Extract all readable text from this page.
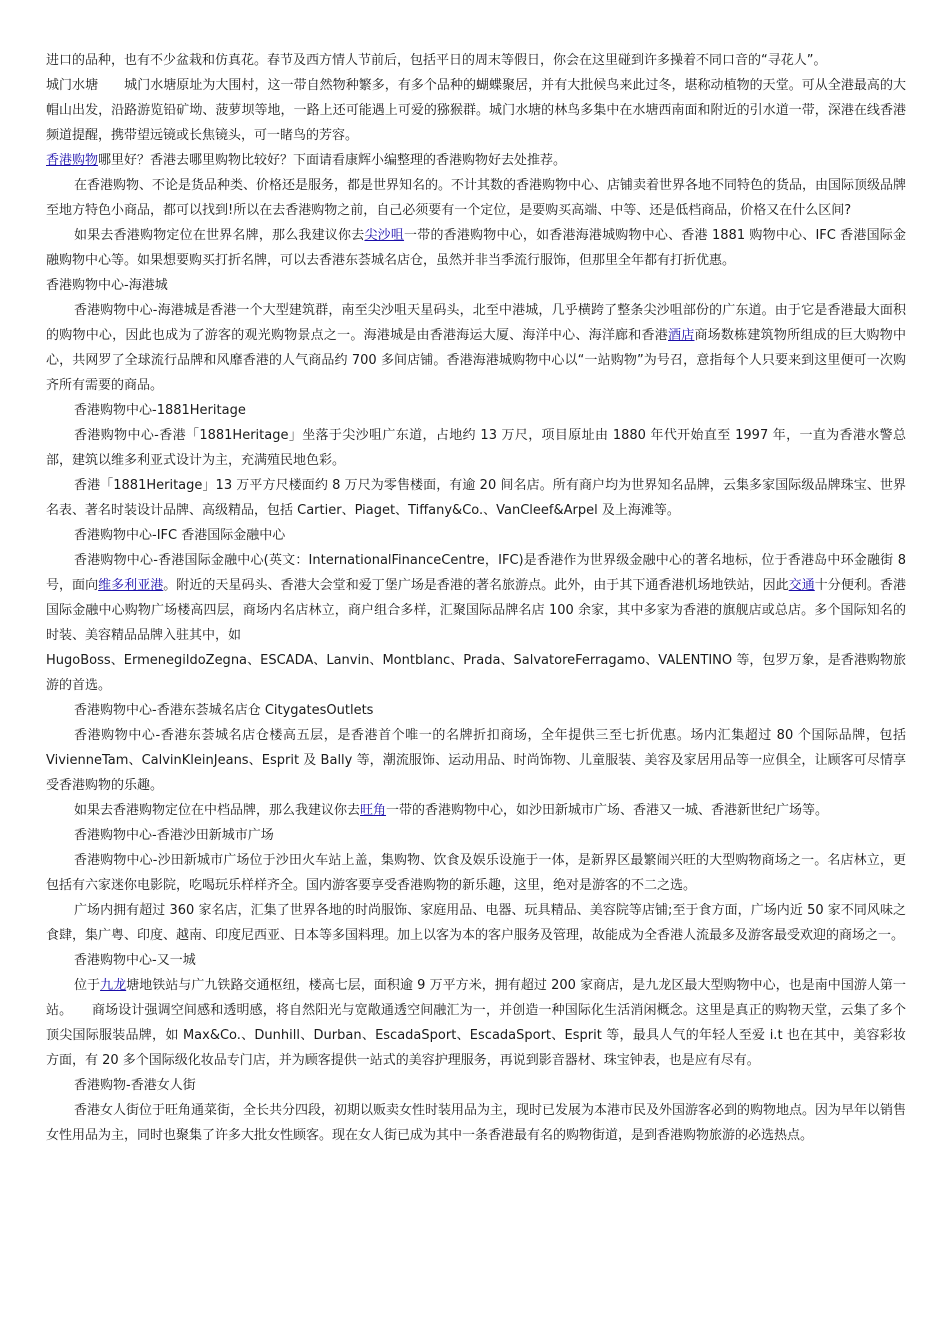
进口的品种，也有不少盆栽和仿真花。春节及西方情人节前后，包括平日的周末等假日，你会在这里碰到许多操着不同口音的“寻花人”。

城门水塘　　城门水塘原址为大围村，这一带自然物种繁多，有多个品种的蝴蝶聚居，并有大批候鸟来此过冬，堪称动植物的天堂。可从全港最高的大帽山出发，沿路游览铅矿坳、菠萝坝等地，一路上还可能遇上可爱的猕猴群。城门水塘的林鸟多集中在水塘西南面和附近的引水道一带，深港在线香港频道提醒，携带望远镜或长焦镜头，可一睹鸟的芳容。

香港购物哪里好？香港去哪里购物比较好？下面请看康辉小编整理的香港购物好去处推荐。

在香港购物、不论是货品种类、价格还是服务，都是世界知名的。不计其数的香港购物中心、店铺卖着世界各地不同特色的货品，由国际顶级品牌至地方特色小商品，都可以找到!所以在去香港购物之前，自己必须要有一个定位，是要购买高端、中等、还是低档商品，价格又在什么区间?

如果去香港购物定位在世界名牌，那么我建议你去尖沙咀一带的香港购物中心，如香港海港城购物中心、香港 1881 购物中心、IFC 香港国际金融购物中心等。如果想要购买打折名牌，可以去香港东荟城名店仓，虽然并非当季流行服饰，但那里全年都有打折优惠。

香港购物中心-海港城

香港购物中心-海港城是香港一个大型建筑群，南至尖沙咀天星码头，北至中港城，几乎横跨了整条尖沙咀部份的广东道。由于它是香港最大面积的购物中心，因此也成为了游客的观光购物景点之一。海港城是由香港海运大厦、海洋中心、海洋廊和香港酒店商场数栋建筑物所组成的巨大购物中心，共网罗了全球流行品牌和风靡香港的人气商品约 700 多间店铺。香港海港城购物中心以“一站购物”为号召，意指每个人只要来到这里便可一次购齐所有需要的商品。

香港购物中心-1881Heritage

香港购物中心-香港「1881Heritage」坐落于尖沙咀广东道，占地约 13 万尺，项目原址由 1880 年代开始直至 1997 年，一直为香港水警总部，建筑以维多利亚式设计为主，充满殖民地色彩。

香港「1881Heritage」13 万平方尺楼面约 8 万尺为零售楼面，有逾 20 间名店。所有商户均为世界知名品牌，云集多家国际级品牌珠宝、世界名表、著名时装设计品牌、高级精品，包括 Cartier、Piaget、Tiffany&Co.、VanCleef&Arpel 及上海滩等。

香港购物中心-IFC 香港国际金融中心

香港购物中心-香港国际金融中心(英文：InternationalFinanceCentre，IFC)是香港作为世界级金融中心的著名地标，位于香港岛中环金融街 8 号，面向维多利亚港。附近的天星码头、香港大会堂和爱丁堡广场是香港的著名旅游点。此外，由于其下通香港机场地铁站，因此交通十分便利。香港国际金融中心购物广场楼高四层，商场内名店林立，商户组合多样，汇聚国际品牌名店 100 余家，其中多家为香港的旗舰店或总店。多个国际知名的时装、美容精品品牌入驻其中，如

HugoBoss、ErmenegildoZegna、ESCADA、Lanvin、Montblanc、Prada、SalvatoreFerragamo、VALENTINO 等，包罗万象，是香港购物旅游的首选。

香港购物中心-香港东荟城名店仓 CitygatesOutlets

香港购物中心-香港东荟城名店仓楼高五层，是香港首个唯一的名牌折扣商场，全年提供三至七折优惠。场内汇集超过 80 个国际品牌，包括 VivienneTam、CalvinKleinJeans、Esprit 及 Bally 等，潮流服饰、运动用品、时尚饰物、儿童服装、美容及家居用品等一应俱全，让顾客可尽情享受香港购物的乐趣。

如果去香港购物定位在中档品牌，那么我建议你去旺角一带的香港购物中心，如沙田新城市广场、香港又一城、香港新世纪广场等。

香港购物中心-香港沙田新城市广场

香港购物中心-沙田新城市广场位于沙田火车站上盖，集购物、饮食及娱乐设施于一体，是新界区最繁闹兴旺的大型购物商场之一。名店林立，更包括有六家迷你电影院，吃喝玩乐样样齐全。国内游客要享受香港购物的新乐趣，这里，绝对是游客的不二之选。

广场内拥有超过 360 家名店，汇集了世界各地的时尚服饰、家庭用品、电器、玩具精品、美容院等店铺;至于食方面，广场内近 50 家不同风味之食肆，集广粤、印度、越南、印度尼西亚、日本等多国料理。加上以客为本的客户服务及管理，故能成为全香港人流最多及游客最受欢迎的商场之一。

香港购物中心-又一城

位于九龙塘地铁站与广九铁路交通枢纽，楼高七层，面积逾 9 万平方米，拥有超过 200 家商店，是九龙区最大型购物中心，也是南中国游人第一站。　　商场设计强调空间感和透明感，将自然阳光与宽敞通透空间融汇为一，并创造一种国际化生活消闲概念。这里是真正的购物天堂，云集了多个顶尖国际服装品牌，如 Max&Co.、Dunhill、Durban、EscadaSport、EscadaSport、Esprit 等，最具人气的年轻人至爱 i.t 也在其中，美容彩妆方面，有 20 多个国际级化妆品专门店，并为顾客提供一站式的美容护理服务，再说到影音器材、珠宝钟表，也是应有尽有。

香港购物-香港女人街

香港女人街位于旺角通菜街，全长共分四段，初期以贩卖女性时装用品为主，现时已发展为本港市民及外国游客必到的购物地点。因为早年以销售女性用品为主，同时也聚集了许多大批女性顾客。现在女人街已成为其中一条香港最有名的购物街道，是到香港购物旅游的必选热点。
